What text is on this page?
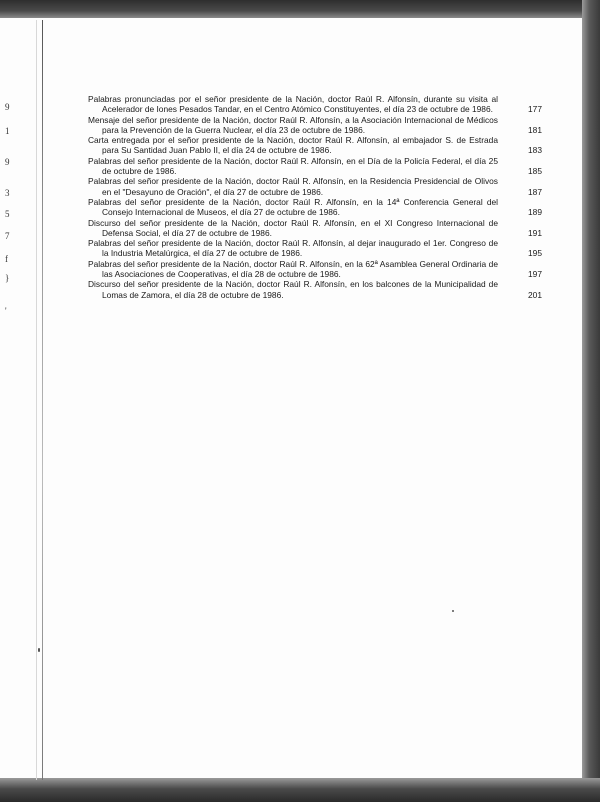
9
1
9
3
5
7
f
}
'
Palabras pronunciadas por el señor presidente de la Nación, doctor Raúl R. Alfonsín, durante su visita al Acelerador de Iones Pesados Tandar, en el Centro Atómico Constituyentes, el día 23 de octubre de 1986.	177
Mensaje del señor presidente de la Nación, doctor Raúl R. Alfonsín, a la Asociación Internacional de Médicos para la Prevención de la Guerra Nuclear, el día 23 de octubre de 1986.	181
Carta entregada por el señor presidente de la Nación, doctor Raúl R. Alfonsín, al embajador S. de Estrada para Su Santidad Juan Pablo II, el día 24 de octubre de 1986.	183
Palabras del señor presidente de la Nación, doctor Raúl R. Alfonsín, en el Día de la Policía Federal, el día 25 de octubre de 1986.	185
Palabras del señor presidente de la Nación, doctor Raúl R. Alfonsín, en la Residencia Presidencial de Olivos en el "Desayuno de Oración", el día 27 de octubre de 1986.	187
Palabras del señor presidente de la Nación, doctor Raúl R. Alfonsín, en la 14ª Conferencia General del Consejo Internacional de Museos, el día 27 de octubre de 1986.	189
Discurso del señor presidente de la Nación, doctor Raúl R. Alfonsín, en el XI Congreso Internacional de Defensa Social, el día 27 de octubre de 1986.	191
Palabras del señor presidente de la Nación, doctor Raúl R. Alfonsín, al dejar inaugurado el 1er. Congreso de la Industria Metalúrgica, el día 27 de octubre de 1986.	195
Palabras del señor presidente de la Nación, doctor Raúl R. Alfonsín, en la 62ª Asamblea General Ordinaria de las Asociaciones de Cooperativas, el día 28 de octubre de 1986.	197
Discurso del señor presidente de la Nación, doctor Raúl R. Alfonsín, en los balcones de la Municipalidad de Lomas de Zamora, el día 28 de octubre de 1986.	201
